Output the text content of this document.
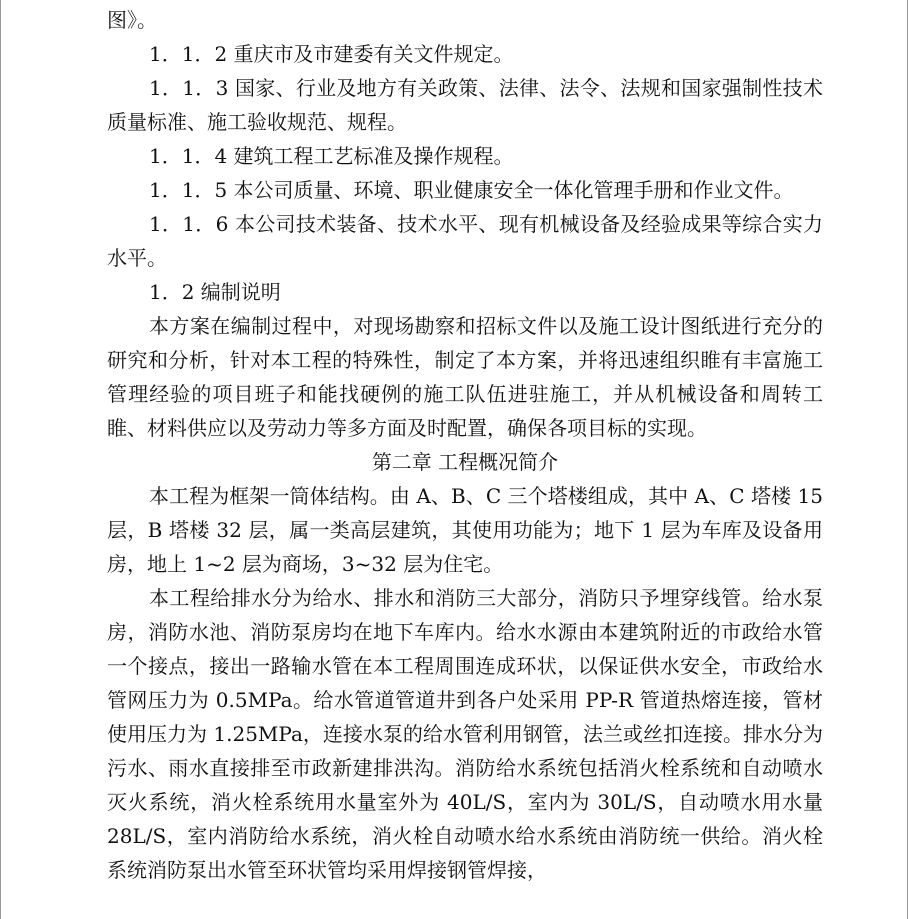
图》。

1．1．2 重庆市及市建委有关文件规定。

1．1．3 国家、行业及地方有关政策、法律、法令、法规和国家强制性技术质量标准、施工验收规范、规程。

1．1．4 建筑工程工艺标准及操作规程。

1．1．5 本公司质量、环境、职业健康安全一体化管理手册和作业文件。

1．1．6 本公司技术装备、技术水平、现有机械设备及经验成果等综合实力水平。

1．2 编制说明

本方案在编制过程中，对现场勘察和招标文件以及施工设计图纸进行充分的研究和分析，针对本工程的特殊性，制定了本方案，并将迅速组织睢有丰富施工管理经验的项目班子和能找硬例的施工队伍进驻施工，并从机械设备和周转工睢、材料供应以及劳动力等多方面及时配置，确保各项目标的实现。

第二章 工程概况简介

本工程为框架一筒体结构。由 A、B、C 三个塔楼组成，其中 A、C 塔楼 15 层，B 塔楼 32 层，属一类高层建筑，其使用功能为；地下 1 层为车库及设备用房，地上 1~2 层为商场，3~32 层为住宅。

本工程给排水分为给水、排水和消防三大部分，消防只予埋穿线管。给水泵房，消防水池、消防泵房均在地下车库内。给水水源由本建筑附近的市政给水管一个接点，接出一路输水管在本工程周围连成环状，以保证供水安全，市政给水管网压力为 0.5MPa。给水管道管道井到各户处采用 PP-R 管道热熔连接，管材使用压力为 1.25MPa，连接水泵的给水管利用钢管，法兰或丝扣连接。排水分为污水、雨水直接排至市政新建排洪沟。消防给水系统包括消火栓系统和自动喷水灭火系统，消火栓系统用水量室外为 40L/S，室内为 30L/S，自动喷水用水量 28L/S，室内消防给水系统，消火栓自动喷水给水系统由消防统一供给。消火栓系统消防泵出水管至环状管均采用焊接钢管焊接，
